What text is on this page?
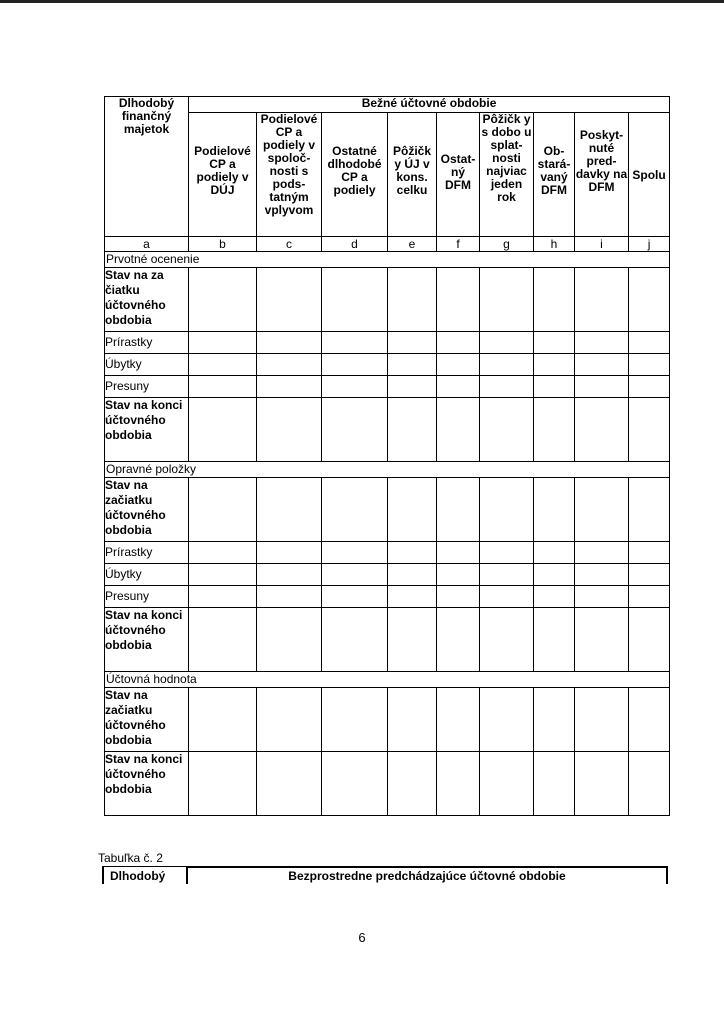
Dlhodobý finančný majetok	Bežné účtovné obdobie								

	Podielové CP a podiely v DÚJ	Podielové CP a podiely v spoloč- nosti s pods- tatným vplyvom	Ostatné dlhodobé CP a podiely	Pôžičk y ÚJ v kons. celku	Ostat- ný DFM	Pôžičk y s dobo u splat- nosti najviac jeden rok	Ob- stará- vaný DFM	Poskyt- nuté pred- davky na DFM	Spolu

a	b	c	d	e	f	g	h	i	j
Prvotné ocenenie									
Stav na za čiatku účtovného obdobia									
Prírastky									
Úbytky									
Presuny									
Stav na konci účtovného obdobia									
Opravné položky									
Stav na začiatku účtovného obdobia									
Prírastky									
Úbytky									
Presuny									
Stav na konci účtovného obdobia									
Účtovná hodnota									
Stav na začiatku účtovného obdobia									
Stav na konci účtovného obdobia									
Tabuľka č. 2
Dlhodobý	Bezprostredne predchádzajúce účtovné obdobie
6
